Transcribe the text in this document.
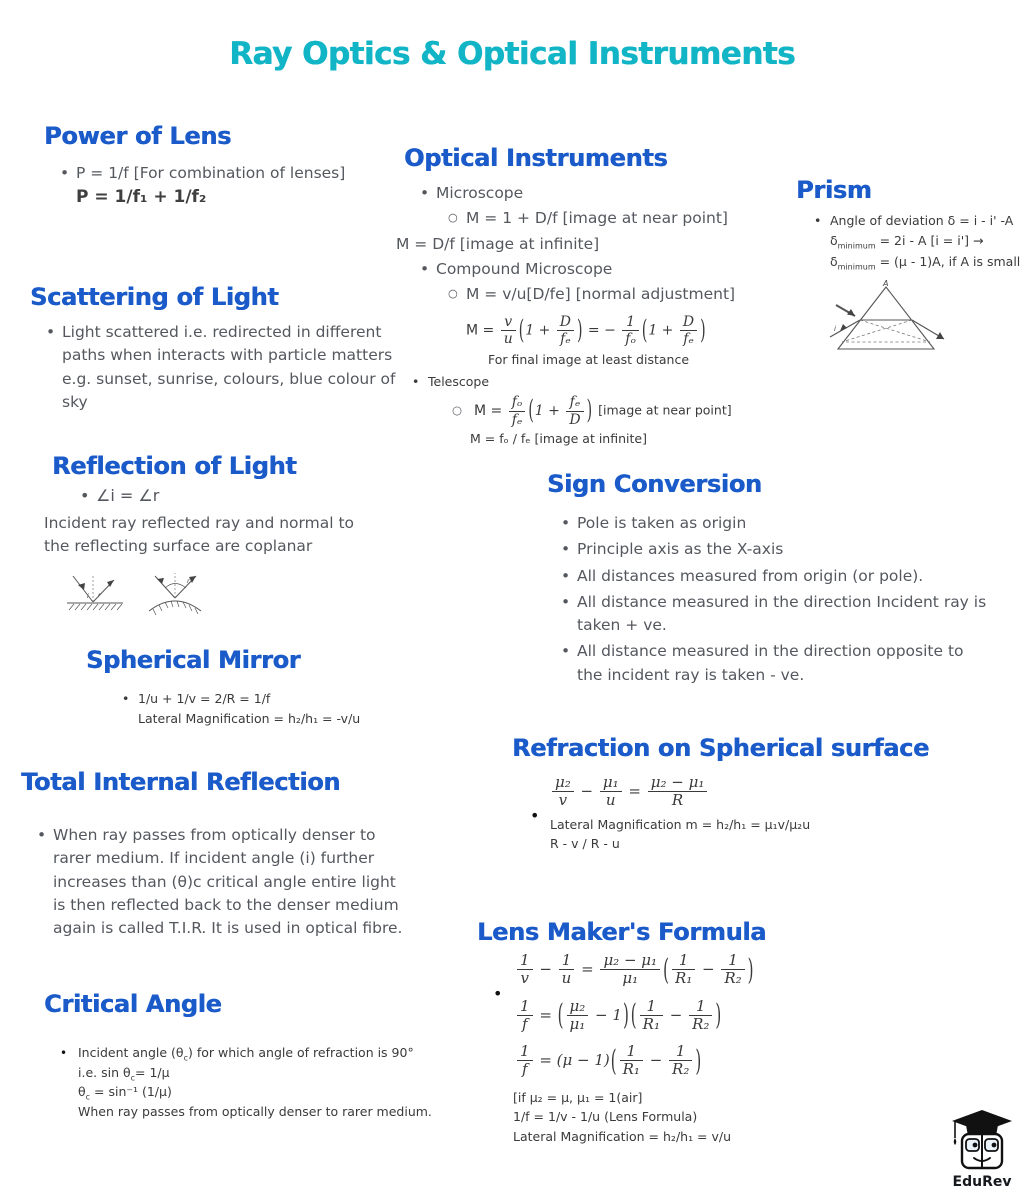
Ray Optics & Optical Instruments
Power of Lens
• P = 1/f [For combination of lenses]
P = 1/f₁ + 1/f₂
Optical Instruments
• Microscope
○ M = 1 + D/f [image at near point]
M = D/f [image at infinite]
• Compound Microscope
○ M = v/u[D/fe] [normal adjustment]
$M = \frac{v}{u} (1 + \frac{D}{\text{fₑ}}$ ) = − $\frac{1}{\text{fₒ}} (1 + \frac{D}{\text{fₑ}}$ )
For final image at least distance
• Telescope
○ $M = \frac{\text{fₒ}}{\text{fₑ}} (1 + \frac{\text{fₑ}}{D}$ ) [image at near point]
M = fₒ / fₑ [image at infinite]
Prism
• Angle of deviation δ = i - i' -A
$\delta_{minimum} = 2i - A$ [i = i'] →
$\delta_{minimum} = (\mu - 1)A$, if A is small
A
i
Scattering of Light
• Light scattered i.e. redirected in different paths when interacts with particle matters e.g. sunset, sunrise, colours, blue colour of sky
Reflection of Light
• ∠i = ∠r
Incident ray reflected ray and normal to the reflecting surface are coplanar
i r
i	r
Sign Conversion
• Pole is taken as origin
• Principle axis as the X-axis
• All distances measured from origin (or pole).
• All distance measured in the direction Incident ray is taken + ve.
• All distance measured in the direction opposite to the incident ray is taken - ve.
Spherical Mirror
• 1/u + 1/v = 2/R = 1/f
Lateral Magnification = h₂/h₁ = -v/u
Total Internal Reflection
• When ray passes from optically denser to rarer medium. If incident angle (i) further increases than (θ)c critical angle entire light is then reflected back to the denser medium again is called T.I.R. It is used in optical fibre.
Refraction on Spherical surface
•
$\frac{\text{μ₂}}{v} - \frac{\text{μ₁}}{u} = \frac{\text{μ₂ − μ₁}}{R}$
Lateral Magnification m = h₂/h₁ = μ₁v/μ₂u
R - v / R - u
Lens Maker's Formula
•
$\frac{1}{v} - \frac{1}{u} = \frac{\text{μ₂ − μ₁}}{\text{μ₁}}$ ( $\frac{1}{\text{R₁}} - \frac{1}{\text{R₂}}$ )
$\frac{1}{f}$ = ( $\frac{\text{μ₂}}{\text{μ₁}} - 1$) ( $\frac{1}{\text{R₁}} - \frac{1}{\text{R₂}}$ )
$\frac{1}{f} = (\mu - 1)( \frac{1}{\text{R₁}} - \frac{1}{\text{R₂}}$ )
[if μ₂ = μ, μ₁ = 1(air]
1/f = 1/v - 1/u (Lens Formula)
Lateral Magnification = h₂/h₁ = v/u
Critical Angle
• Incident angle $(\theta_c)$ for which angle of refraction is 90°
i.e. $\sin \theta_c= 1/\mu$
$\theta_c = \sin^{-1}$ (1/μ)
When ray passes from optically denser to rarer medium.
EduRev
